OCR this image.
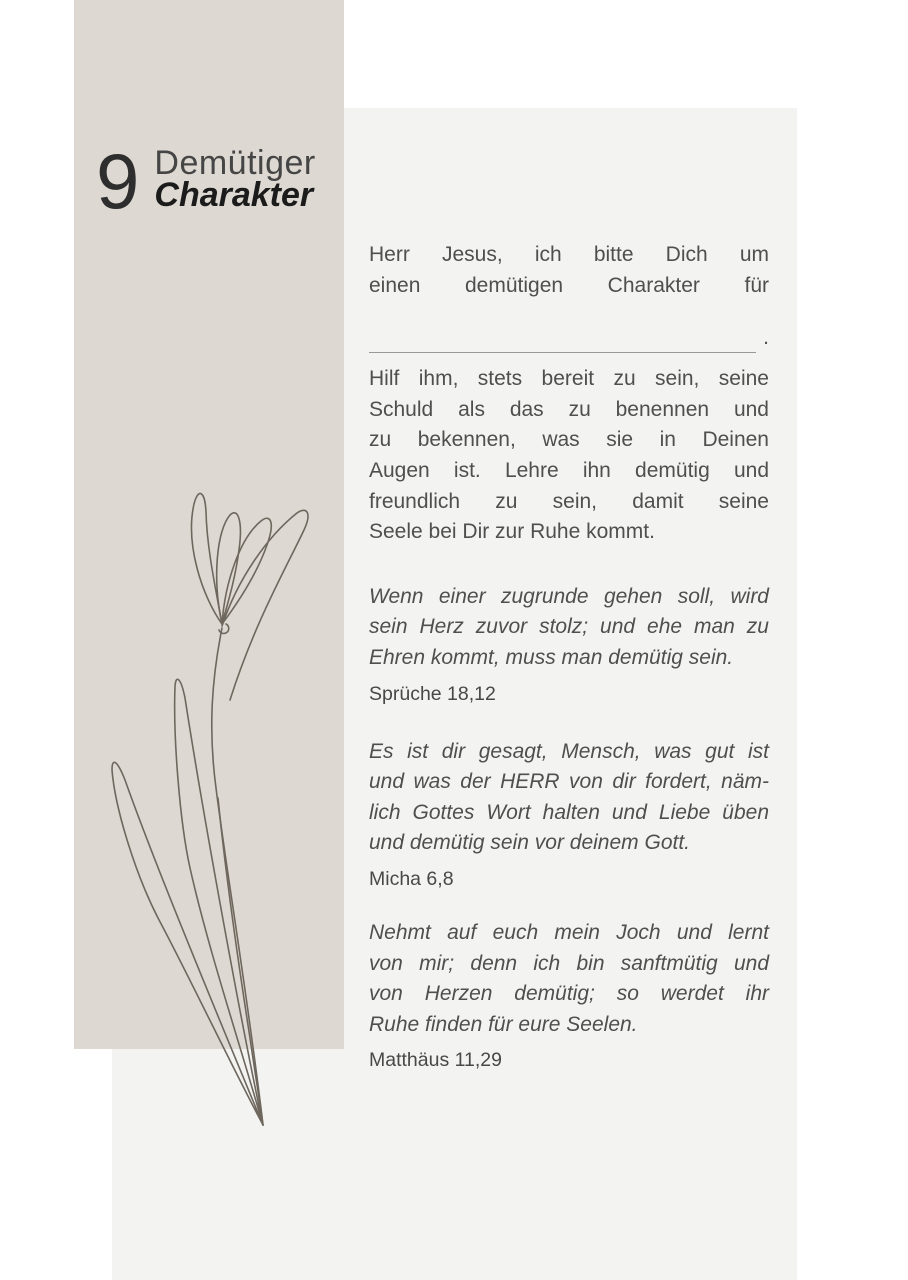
9 Demütiger
Charakter
Herr Jesus, ich bitte Dich um
einen demütigen Charakter für
.
Hilf ihm, stets bereit zu sein, seine
Schuld als das zu benennen und
zu bekennen, was sie in Deinen
Augen ist. Lehre ihn demütig und
freundlich zu sein, damit seine
Seele bei Dir zur Ruhe kommt.
Wenn einer zugrunde gehen soll, wird
sein Herz zuvor stolz; und ehe man zu
Ehren kommt, muss man demütig sein.
Sprüche 18,12
Es ist dir gesagt, Mensch, was gut ist
und was der HERR von dir fordert, näm-
lich Gottes Wort halten und Liebe üben
und demütig sein vor deinem Gott.
Micha 6,8
Nehmt auf euch mein Joch und lernt
von mir; denn ich bin sanftmütig und
von Herzen demütig; so werdet ihr
Ruhe finden für eure Seelen.
Matthäus 11,29
